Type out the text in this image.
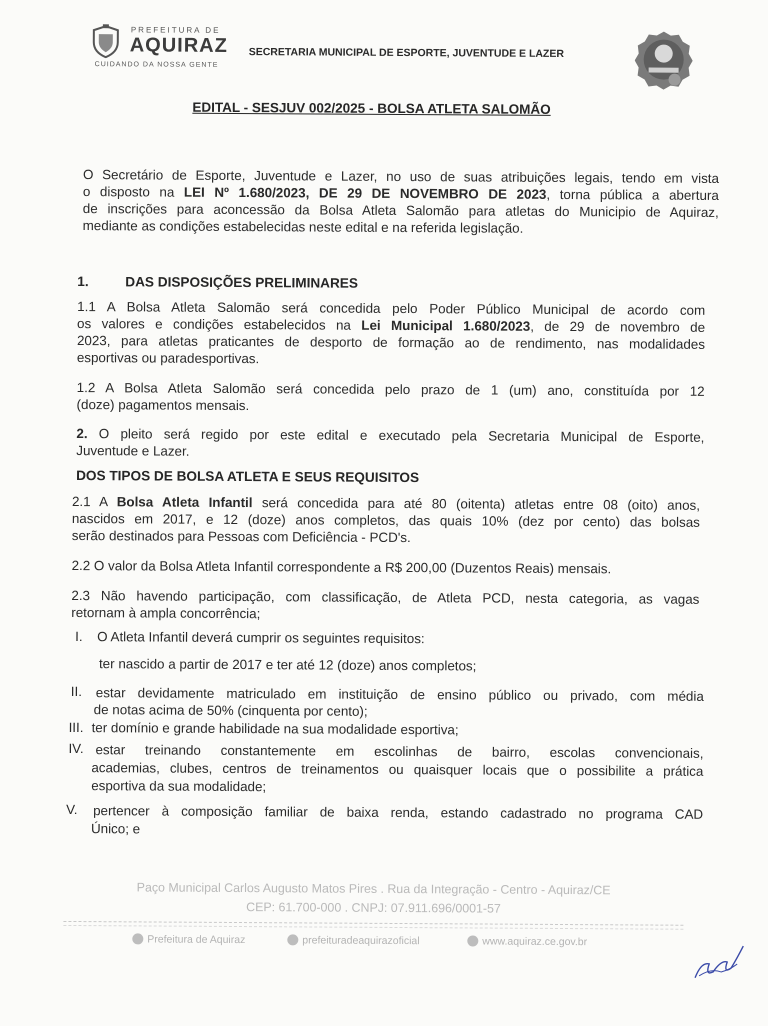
PREFEITURA DE
AQUIRAZ
CUIDANDO DA NOSSA GENTE
SECRETARIA MUNICIPAL DE ESPORTE, JUVENTUDE E LAZER
EDITAL - SESJUV 002/2025 - BOLSA ATLETA SALOMÃO
O Secretário de Esporte, Juventude e Lazer, no uso de suas atribuições legais, tendo em vista
o disposto na LEI Nº 1.680/2023, DE 29 DE NOVEMBRO DE 2023, torna pública a abertura
de inscrições para aconcessão da Bolsa Atleta Salomão para atletas do Municipio de Aquiraz,
mediante as condições estabelecidas neste edital e na referida legislação.
1.	DAS DISPOSIÇÕES PRELIMINARES
1.1 A Bolsa Atleta Salomão será concedida pelo Poder Público Municipal de acordo com
os valores e condições estabelecidos na Lei Municipal 1.680/2023, de 29 de novembro de
2023, para atletas praticantes de desporto de formação ao de rendimento, nas modalidades
esportivas ou paradesportivas.
1.2 A Bolsa Atleta Salomão será concedida pelo prazo de 1 (um) ano, constituída por 12
(doze) pagamentos mensais.
2. O pleito será regido por este edital e executado pela Secretaria Municipal de Esporte,
Juventude e Lazer.
DOS TIPOS DE BOLSA ATLETA E SEUS REQUISITOS
2.1 A Bolsa Atleta Infantil será concedida para até 80 (oitenta) atletas entre 08 (oito) anos,
nascidos em 2017, e 12 (doze) anos completos, das quais 10% (dez por cento) das bolsas
serão destinados para Pessoas com Deficiência - PCD's.
2.2 O valor da Bolsa Atleta Infantil correspondente a R$ 200,00 (Duzentos Reais) mensais.
2.3 Não havendo participação, com classificação, de Atleta PCD, nesta categoria, as vagas
retornam à ampla concorrência;
I. O Atleta Infantil deverá cumprir os seguintes requisitos:
ter nascido a partir de 2017 e ter até 12 (doze) anos completos;
II. estar devidamente matriculado em instituição de ensino público ou privado, com média
de notas acima de 50% (cinquenta por cento);
III. ter domínio e grande habilidade na sua modalidade esportiva;
IV. estar treinando constantemente em escolinhas de bairro, escolas convencionais,
academias, clubes, centros de treinamentos ou quaisquer locais que o possibilite a prática
esportiva da sua modalidade;
V. pertencer à composição familiar de baixa renda, estando cadastrado no programa CAD
Único; e
Paço Municipal Carlos Augusto Matos Pires . Rua da Integração - Centro - Aquiraz/CE
CEP: 61.700-000 . CNPJ: 07.911.696/0001-57
Prefeitura de Aquiraz	prefeituradeaquirazoficial	www.aquiraz.ce.gov.br
